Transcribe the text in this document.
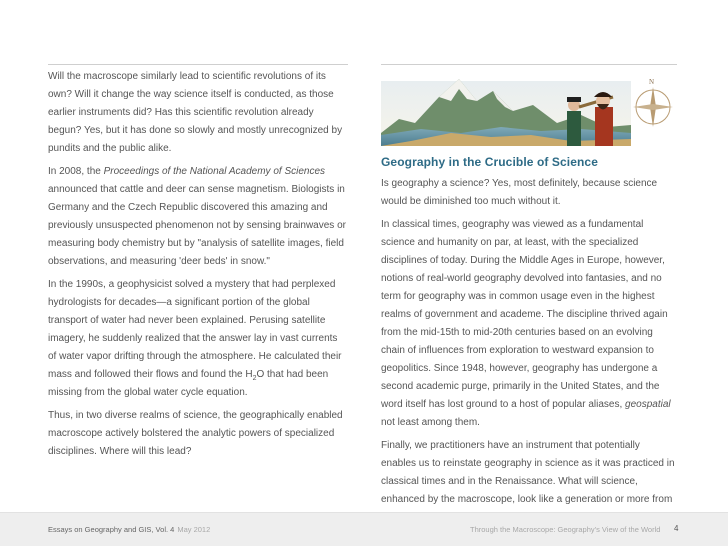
Will the macroscope similarly lead to scientific revolutions of its own? Will it change the way science itself is conducted, as those earlier instruments did? Has this scientific revolution already begun? Yes, but it has done so slowly and mostly unrecognized by pundits and the public alike.

In 2008, the Proceedings of the National Academy of Sciences announced that cattle and deer can sense magnetism. Biologists in Germany and the Czech Republic discovered this amazing and previously unsuspected phenomenon not by sensing brainwaves or measuring body chemistry but by "analysis of satellite images, field observations, and measuring 'deer beds' in snow."

In the 1990s, a geophysicist solved a mystery that had perplexed hydrologists for decades—a significant portion of the global transport of water had never been explained. Perusing satellite imagery, he suddenly realized that the answer lay in vast currents of water vapor drifting through the atmosphere. He calculated their mass and followed their flows and found the $H_2O$ that had been missing from the global water cycle equation.

Thus, in two diverse realms of science, the geographically enabled macroscope actively bolstered the analytic powers of specialized disciplines. Where will this lead?

N
Geography in the Crucible of Science

Is geography a science? Yes, most definitely, because science would be diminished too much without it.

In classical times, geography was viewed as a fundamental science and humanity on par, at least, with the specialized disciplines of today. During the Middle Ages in Europe, however, notions of real-world geography devolved into fantasies, and no term for geography was in common usage even in the highest realms of government and academe. The discipline thrived again from the mid-15th to mid-20th centuries based on an evolving chain of influences from exploration to westward expansion to geopolitics. Since 1948, however, geography has undergone a second academic purge, primarily in the United States, and the word itself has lost ground to a host of popular aliases, geospatial not least among them.

Finally, we practitioners have an instrument that potentially enables us to reinstate geography in science as it was practiced in classical times and in the Renaissance. What will science, enhanced by the macroscope, look like a generation or more from

Essays on Geography and GIS, Vol. 4 May 2012	Through the Macroscope: Geography's View of the World 4
